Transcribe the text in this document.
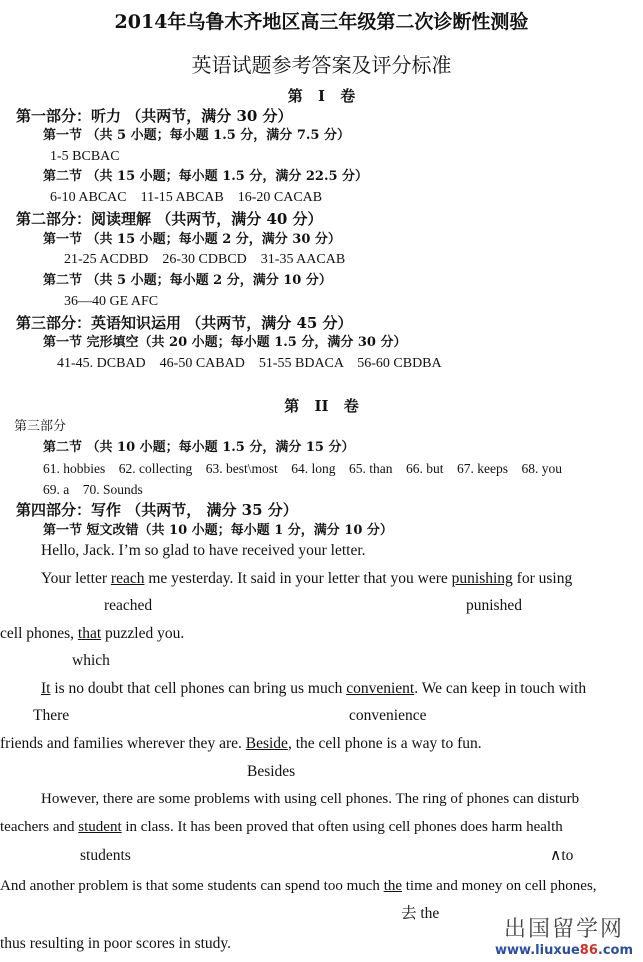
2014年乌鲁木齐地区高三年级第二次诊断性测验
英语试题参考答案及评分标准
第 I 卷
第一部分：听力 （共两节，满分 30 分）
第一节 （共 5 小题；每小题 1.5 分，满分 7.5 分）
1-5 BCBAC
第二节 （共 15 小题；每小题 1.5 分，满分 22.5 分）
6-10 ABCAC    11-15 ABCAB    16-20 CACAB
第二部分：阅读理解 （共两节，满分 40 分）
第一节 （共 15 小题；每小题 2 分，满分 30 分）
21-25 ACDBD    26-30 CDBCD    31-35 AACAB
第二节 （共 5 小题；每小题 2 分，满分 10 分）
36—40 GE AFC
第三部分：英语知识运用 （共两节，满分 45 分）
第一节 完形填空（共 20 小题；每小题 1.5 分，满分 30 分）
41-45. DCBAD    46-50 CABAD    51-55 BDACA    56-60 CBDBA
第 II 卷
第三部分
第二节 （共 10 小题；每小题 1.5 分，满分 15 分）
61. hobbies    62. collecting    63. best\most    64. long    65. than    66. but    67. keeps    68. you
69. a    70. Sounds
第四部分：写作 （共两节， 满分 35 分）
第一节 短文改错（共 10 小题；每小题 1 分，满分 10 分）
Hello, Jack. I’m so glad to have received your letter.
Your letter reach me yesterday. It said in your letter that you were punishing for using
reached	punished
cell phones, that puzzled you.
which
It is no doubt that cell phones can bring us much convenient. We can keep in touch with
There	convenience
friends and families wherever they are. Beside, the cell phone is a way to fun.
Besides
However, there are some problems with using cell phones. The ring of phones can disturb
teachers and student in class. It has been proved that often using cell phones does harm health
students	∧to
And another problem is that some students can spend too much the time and money on cell phones,
去 the
thus resulting in poor scores in study.
出国留学网
www.liuxue86.com
